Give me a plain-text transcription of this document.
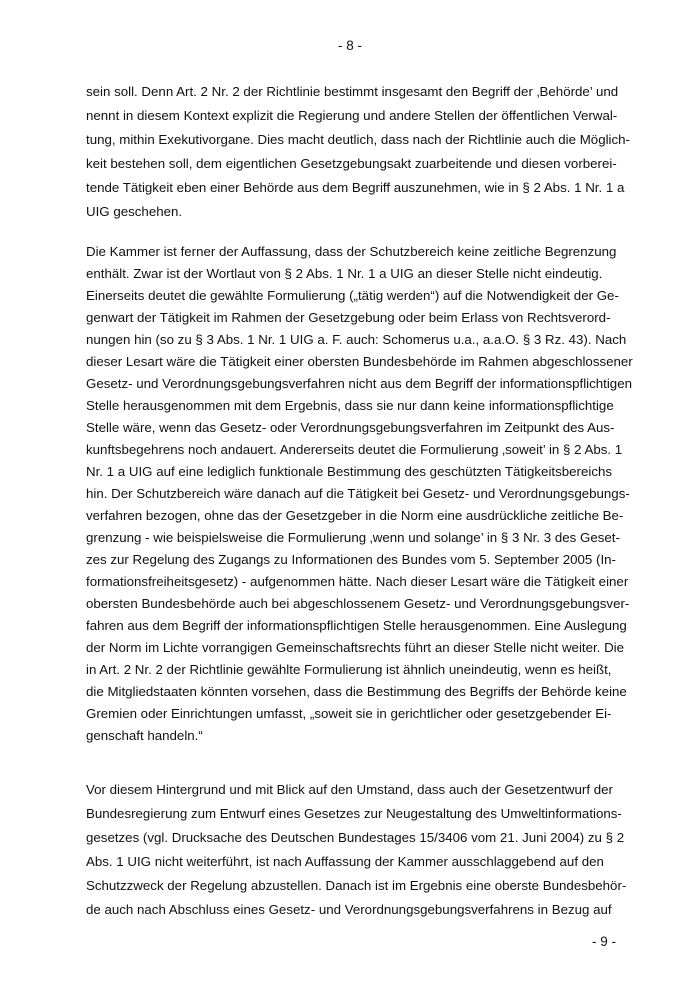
- 8 -
sein soll. Denn Art. 2 Nr. 2 der Richtlinie bestimmt insgesamt den Begriff der ‚Behörde’ und
nennt in diesem Kontext explizit die Regierung und andere Stellen der öffentlichen Verwal-
tung, mithin Exekutivorgane. Dies macht deutlich, dass nach der Richtlinie auch die Möglich-
keit bestehen soll, dem eigentlichen Gesetzgebungsakt zuarbeitende und diesen vorberei-
tende Tätigkeit eben einer Behörde aus dem Begriff auszunehmen, wie in § 2 Abs. 1 Nr. 1 a
UIG geschehen.
Die Kammer ist ferner der Auffassung, dass der Schutzbereich keine zeitliche Begrenzung
enthält. Zwar ist der Wortlaut von § 2 Abs. 1 Nr. 1 a UIG an dieser Stelle nicht eindeutig.
Einerseits deutet die gewählte Formulierung („tätig werden“) auf die Notwendigkeit der Ge-
genwart der Tätigkeit im Rahmen der Gesetzgebung oder beim Erlass von Rechtsverord-
nungen hin (so zu § 3 Abs. 1 Nr. 1 UIG a. F. auch: Schomerus u.a., a.a.O. § 3 Rz. 43). Nach
dieser Lesart wäre die Tätigkeit einer obersten Bundesbehörde im Rahmen abgeschlossener
Gesetz- und Verordnungsgebungsverfahren nicht aus dem Begriff der informationspflichtigen
Stelle herausgenommen mit dem Ergebnis, dass sie nur dann keine informationspflichtige
Stelle wäre, wenn das Gesetz- oder Verordnungsgebungsverfahren im Zeitpunkt des Aus-
kunftsbegehrens noch andauert. Andererseits deutet die Formulierung ‚soweit’ in § 2 Abs. 1
Nr. 1 a UIG auf eine lediglich funktionale Bestimmung des geschützten Tätigkeitsbereichs
hin. Der Schutzbereich wäre danach auf die Tätigkeit bei Gesetz- und Verordnungsgebungs-
verfahren bezogen, ohne das der Gesetzgeber in die Norm eine ausdrückliche zeitliche Be-
grenzung - wie beispielsweise die Formulierung ‚wenn und solange’ in § 3 Nr. 3 des Geset-
zes zur Regelung des Zugangs zu Informationen des Bundes vom 5. September 2005 (In-
formationsfreiheitsgesetz) - aufgenommen hätte. Nach dieser Lesart wäre die Tätigkeit einer
obersten Bundesbehörde auch bei abgeschlossenem Gesetz- und Verordnungsgebungsver-
fahren aus dem Begriff der informationspflichtigen Stelle herausgenommen. Eine Auslegung
der Norm im Lichte vorrangigen Gemeinschaftsrechts führt an dieser Stelle nicht weiter. Die
in Art. 2 Nr. 2 der Richtlinie gewählte Formulierung ist ähnlich uneindeutig, wenn es heißt,
die Mitgliedstaaten könnten vorsehen, dass die Bestimmung des Begriffs der Behörde keine
Gremien oder Einrichtungen umfasst, „soweit sie in gerichtlicher oder gesetzgebender Ei-
genschaft handeln.“
Vor diesem Hintergrund und mit Blick auf den Umstand, dass auch der Gesetzentwurf der
Bundesregierung zum Entwurf eines Gesetzes zur Neugestaltung des Umweltinformations-
gesetzes (vgl. Drucksache des Deutschen Bundestages 15/3406 vom 21. Juni 2004) zu § 2
Abs. 1 UIG nicht weiterführt, ist nach Auffassung der Kammer ausschlaggebend auf den
Schutzzweck der Regelung abzustellen. Danach ist im Ergebnis eine oberste Bundesbehör-
de auch nach Abschluss eines Gesetz- und Verordnungsgebungsverfahrens in Bezug auf
- 9 -
